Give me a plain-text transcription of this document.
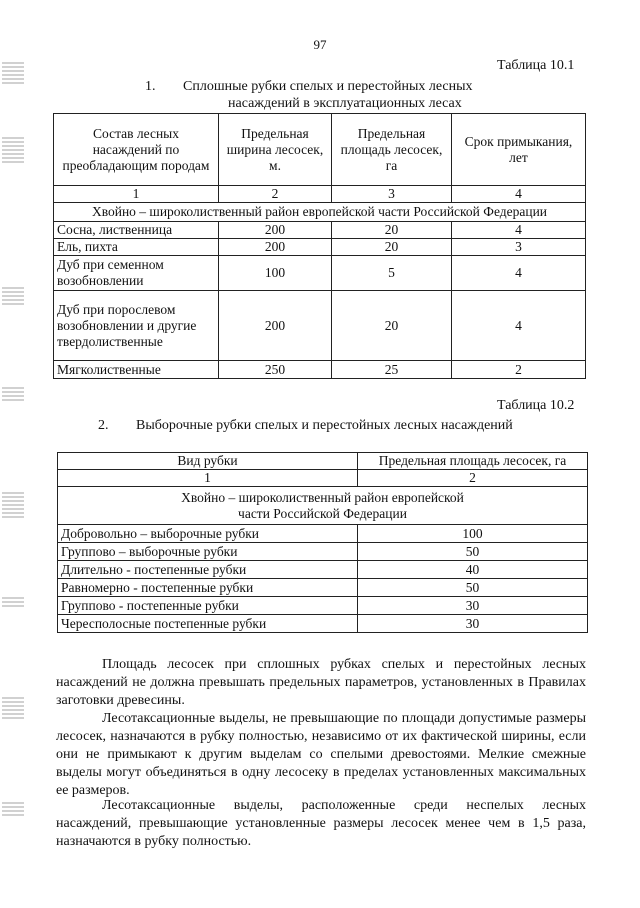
97
Таблица 10.1
1.	Сплошные рубки спелых и перестойных лесных
насаждений в эксплуатационных лесах
Состав лесных насаждений по преобладающим породам	Предельная ширина лесосек, м.	Предельная площадь лесосек, га	Срок примыкания, лет
1	2	3	4
Хвойно – широколиственный район европейской части Российской Федерации			
Сосна, лиственница	200	20	4
Ель, пихта	200	20	3
Дуб при семенном возобновлении	100	5	4
Дуб при порослевом возобновлении и другие твердолиственные	200	20	4
Мягколиственные	250	25	2
Таблица 10.2
2.	Выборочные рубки спелых и перестойных лесных насаждений
Вид рубки	Предельная площадь лесосек, га
1	2
Хвойно – широколиственный район европейской части Российской Федерации	
Добровольно – выборочные рубки	100
Группово – выборочные рубки	50
Длительно - постепенные рубки	40
Равномерно - постепенные рубки	50
Группово - постепенные рубки	30
Чересполосные постепенные рубки	30
Площадь лесосек при сплошных рубках спелых и перестойных лесных насаждений не должна превышать предельных параметров, установленных в Правилах заготовки древесины.
Лесотаксационные выделы, не превышающие по площади допустимые размеры лесосек, назначаются в рубку полностью, независимо от их фактической ширины, если они не примыкают к другим выделам со спелыми древостоями. Мелкие смежные выделы могут объединяться в одну лесосеку в пределах установленных максимальных ее размеров.
Лесотаксационные выделы, расположенные среди неспелых лесных насаждений, превышающие установленные размеры лесосек менее чем в 1,5 раза, назначаются в рубку полностью.
